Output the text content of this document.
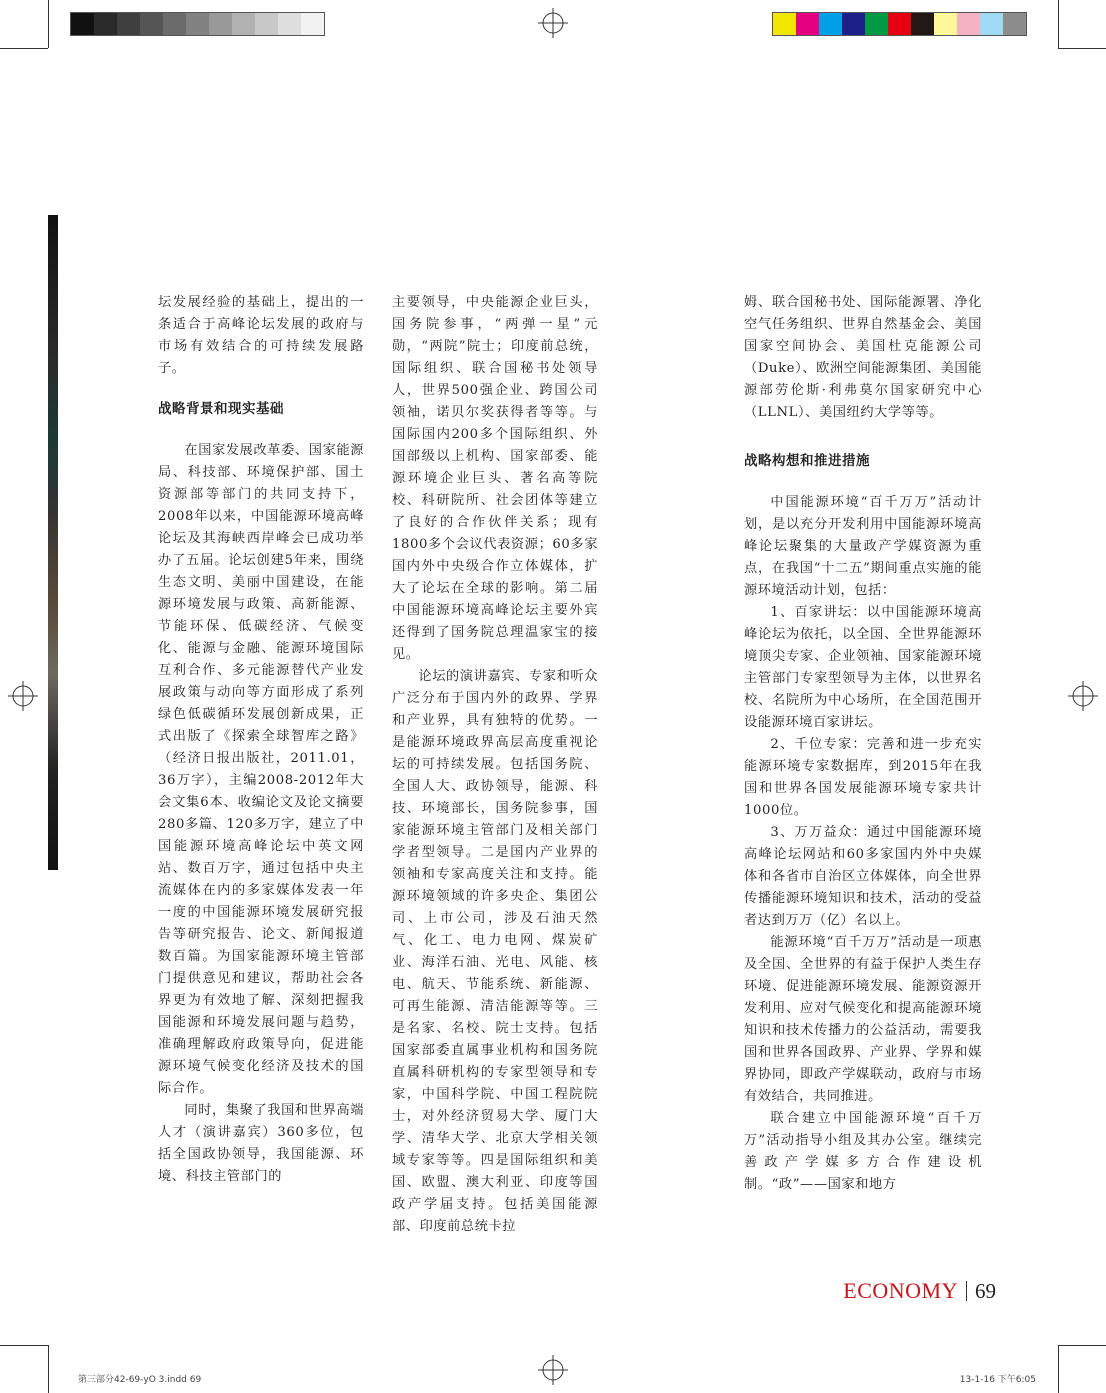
坛发展经验的基础上，提出的一条适合于高峰论坛发展的政府与市场有效结合的可持续发展路子。

战略背景和现实基础

在国家发展改革委、国家能源局、科技部、环境保护部、国土资源部等部门的共同支持下，2008年以来，中国能源环境高峰论坛及其海峡西岸峰会已成功举办了五届。论坛创建5年来，围绕生态文明、美丽中国建设，在能源环境发展与政策、高新能源、节能环保、低碳经济、气候变化、能源与金融、能源环境国际互利合作、多元能源替代产业发展政策与动向等方面形成了系列绿色低碳循环发展创新成果，正式出版了《探索全球智库之路》（经济日报出版社，2011.01，36万字），主编2008-2012年大会文集6本、收编论文及论文摘要280多篇、120多万字，建立了中国能源环境高峰论坛中英文网站、数百万字，通过包括中央主流媒体在内的多家媒体发表一年一度的中国能源环境发展研究报告等研究报告、论文、新闻报道数百篇。为国家能源环境主管部门提供意见和建议，帮助社会各界更为有效地了解、深刻把握我国能源和环境发展问题与趋势，准确理解政府政策导向，促进能源环境气候变化经济及技术的国际合作。

同时，集聚了我国和世界高端人才（演讲嘉宾）360多位，包括全国政协领导，我国能源、环境、科技主管部门的

主要领导，中央能源企业巨头，国务院参事，“两弹一星”元勋，“两院”院士；印度前总统，国际组织、联合国秘书处领导人，世界500强企业、跨国公司领袖，诺贝尔奖获得者等等。与国际国内200多个国际组织、外国部级以上机构、国家部委、能源环境企业巨头、著名高等院校、科研院所、社会团体等建立了良好的合作伙伴关系；现有1800多个会议代表资源；60多家国内外中央级合作立体媒体，扩大了论坛在全球的影响。第二届中国能源环境高峰论坛主要外宾还得到了国务院总理温家宝的接见。

论坛的演讲嘉宾、专家和听众广泛分布于国内外的政界、学界和产业界，具有独特的优势。一是能源环境政界高层高度重视论坛的可持续发展。包括国务院、全国人大、政协领导，能源、科技、环境部长，国务院参事，国家能源环境主管部门及相关部门学者型领导。二是国内产业界的领袖和专家高度关注和支持。能源环境领域的许多央企、集团公司、上市公司，涉及石油天然气、化工、电力电网、煤炭矿业、海洋石油、光电、风能、核电、航天、节能系统、新能源、可再生能源、清洁能源等等。三是名家、名校、院士支持。包括国家部委直属事业机构和国务院直属科研机构的专家型领导和专家，中国科学院、中国工程院院士，对外经济贸易大学、厦门大学、清华大学、北京大学相关领域专家等等。四是国际组织和美国、欧盟、澳大利亚、印度等国政产学届支持。包括美国能源部、印度前总统卡拉

姆、联合国秘书处、国际能源署、净化空气任务组织、世界自然基金会、美国国家空间协会、美国杜克能源公司（Duke）、欧洲空间能源集团、美国能源部劳伦斯·利弗莫尔国家研究中心（LLNL）、美国纽约大学等等。

战略构想和推进措施

中国能源环境“百千万万”活动计划，是以充分开发利用中国能源环境高峰论坛聚集的大量政产学媒资源为重点，在我国“十二五”期间重点实施的能源环境活动计划，包括：

1、百家讲坛：以中国能源环境高峰论坛为依托，以全国、全世界能源环境顶尖专家、企业领袖、国家能源环境主管部门专家型领导为主体，以世界名校、名院所为中心场所，在全国范围开设能源环境百家讲坛。

2、千位专家：完善和进一步充实能源环境专家数据库，到2015年在我国和世界各国发展能源环境专家共计1000位。

3、万万益众：通过中国能源环境高峰论坛网站和60多家国内外中央媒体和各省市自治区立体媒体，向全世界传播能源环境知识和技术，活动的受益者达到万万（亿）名以上。

能源环境“百千万万”活动是一项惠及全国、全世界的有益于保护人类生存环境、促进能源环境发展、能源资源开发利用、应对气候变化和提高能源环境知识和技术传播力的公益活动，需要我国和世界各国政界、产业界、学界和媒界协同，即政产学媒联动，政府与市场有效结合，共同推进。

联合建立中国能源环境“百千万万”活动指导小组及其办公室。继续完善政产学媒多方合作建设机制。“政”——国家和地方

ECONOMY 69
第三部分42-69-yO 3.indd 69	13-1-16 下午6:05
